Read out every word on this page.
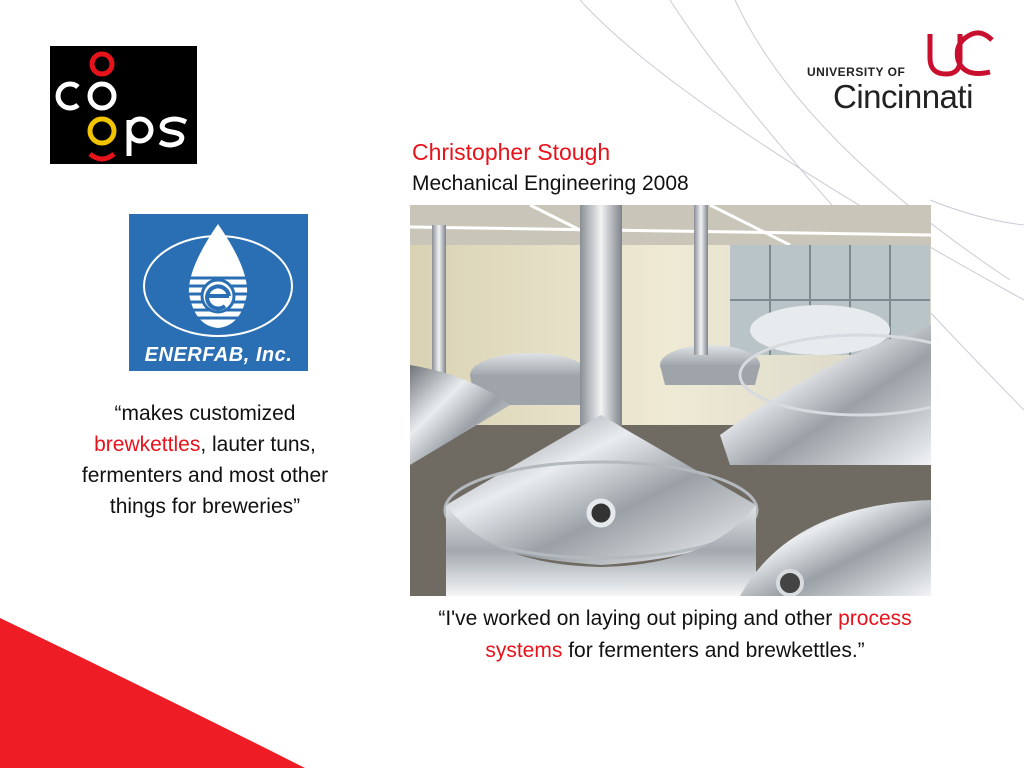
ENERFAB, Inc.
UNIVERSITY OF
Cincinnati
Christopher Stough
Mechanical Engineering 2008
“makes customized brewkettles, lauter tuns, fermenters and most other things for breweries”
“I've worked on laying out piping and other process systems for fermenters and brewkettles.”
